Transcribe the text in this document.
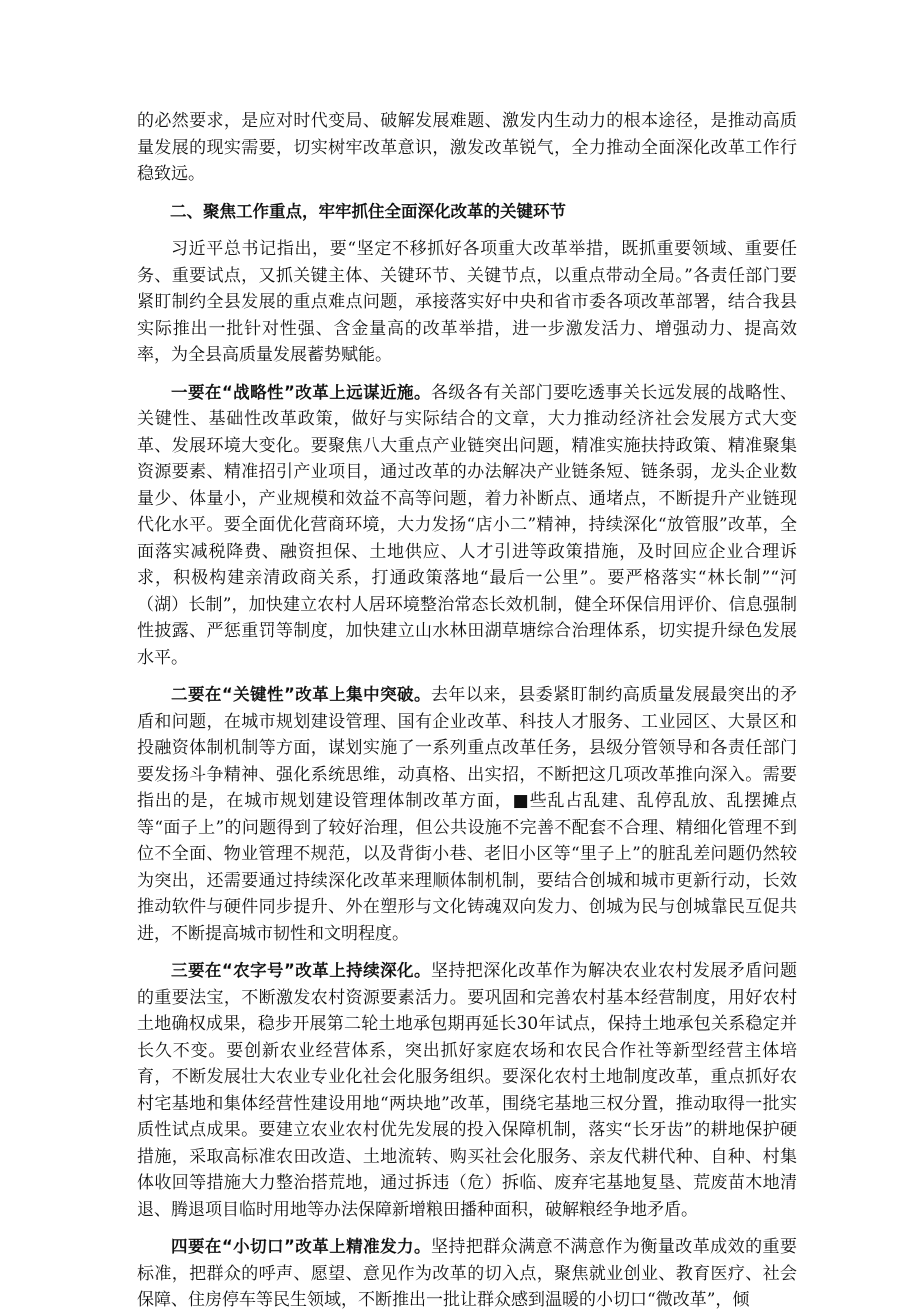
的必然要求，是应对时代变局、破解发展难题、激发内生动力的根本途径，是推动高质量发展的现实需要，切实树牢改革意识，激发改革锐气，全力推动全面深化改革工作行稳致远。

二、聚焦工作重点，牢牢抓住全面深化改革的关键环节

习近平总书记指出，要“坚定不移抓好各项重大改革举措，既抓重要领域、重要任务、重要试点，又抓关键主体、关键环节、关键节点，以重点带动全局。”各责任部门要紧盯制约全县发展的重点难点问题，承接落实好中央和省市委各项改革部署，结合我县实际推出一批针对性强、含金量高的改革举措，进一步激发活力、增强动力、提高效率，为全县高质量发展蓄势赋能。

一要在“战略性”改革上远谋近施。各级各有关部门要吃透事关长远发展的战略性、关键性、基础性改革政策，做好与实际结合的文章，大力推动经济社会发展方式大变革、发展环境大变化。要聚焦八大重点产业链突出问题，精准实施扶持政策、精准聚集资源要素、精准招引产业项目，通过改革的办法解决产业链条短、链条弱，龙头企业数量少、体量小，产业规模和效益不高等问题，着力补断点、通堵点，不断提升产业链现代化水平。要全面优化营商环境，大力发扬“店小二”精神，持续深化“放管服”改革，全面落实减税降费、融资担保、土地供应、人才引进等政策措施，及时回应企业合理诉求，积极构建亲清政商关系，打通政策落地“最后一公里”。要严格落实“林长制”“河（湖）长制”，加快建立农村人居环境整治常态长效机制，健全环保信用评价、信息强制性披露、严惩重罚等制度，加快建立山水林田湖草塘综合治理体系，切实提升绿色发展水平。

二要在“关键性”改革上集中突破。去年以来，县委紧盯制约高质量发展最突出的矛盾和问题，在城市规划建设管理、国有企业改革、科技人才服务、工业园区、大景区和投融资体制机制等方面，谋划实施了一系列重点改革任务，县级分管领导和各责任部门要发扬斗争精神、强化系统思维，动真格、出实招，不断把这几项改革推向深入。需要指出的是，在城市规划建设管理体制改革方面，■些乱占乱建、乱停乱放、乱摆摊点等“面子上”的问题得到了较好治理，但公共设施不完善不配套不合理、精细化管理不到位不全面、物业管理不规范，以及背街小巷、老旧小区等“里子上”的脏乱差问题仍然较为突出，还需要通过持续深化改革来理顺体制机制，要结合创城和城市更新行动，长效推动软件与硬件同步提升、外在塑形与文化铸魂双向发力、创城为民与创城靠民互促共进，不断提高城市韧性和文明程度。

三要在“农字号”改革上持续深化。坚持把深化改革作为解决农业农村发展矛盾问题的重要法宝，不断激发农村资源要素活力。要巩固和完善农村基本经营制度，用好农村土地确权成果，稳步开展第二轮土地承包期再延长30年试点，保持土地承包关系稳定并长久不变。要创新农业经营体系，突出抓好家庭农场和农民合作社等新型经营主体培育，不断发展壮大农业专业化社会化服务组织。要深化农村土地制度改革，重点抓好农村宅基地和集体经营性建设用地“两块地”改革，围绕宅基地三权分置，推动取得一批实质性试点成果。要建立农业农村优先发展的投入保障机制，落实“长牙齿”的耕地保护硬措施，采取高标准农田改造、土地流转、购买社会化服务、亲友代耕代种、自种、村集体收回等措施大力整治搭荒地，通过拆违（危）拆临、废弃宅基地复垦、荒废苗木地清退、腾退项目临时用地等办法保障新增粮田播种面积，破解粮经争地矛盾。

四要在“小切口”改革上精准发力。坚持把群众满意不满意作为衡量改革成效的重要标准，把群众的呼声、愿望、意见作为改革的切入点，聚焦就业创业、教育医疗、社会保障、住房停车等民生领域，不断推出一批让群众感到温暖的小切口“微改革”，倾
